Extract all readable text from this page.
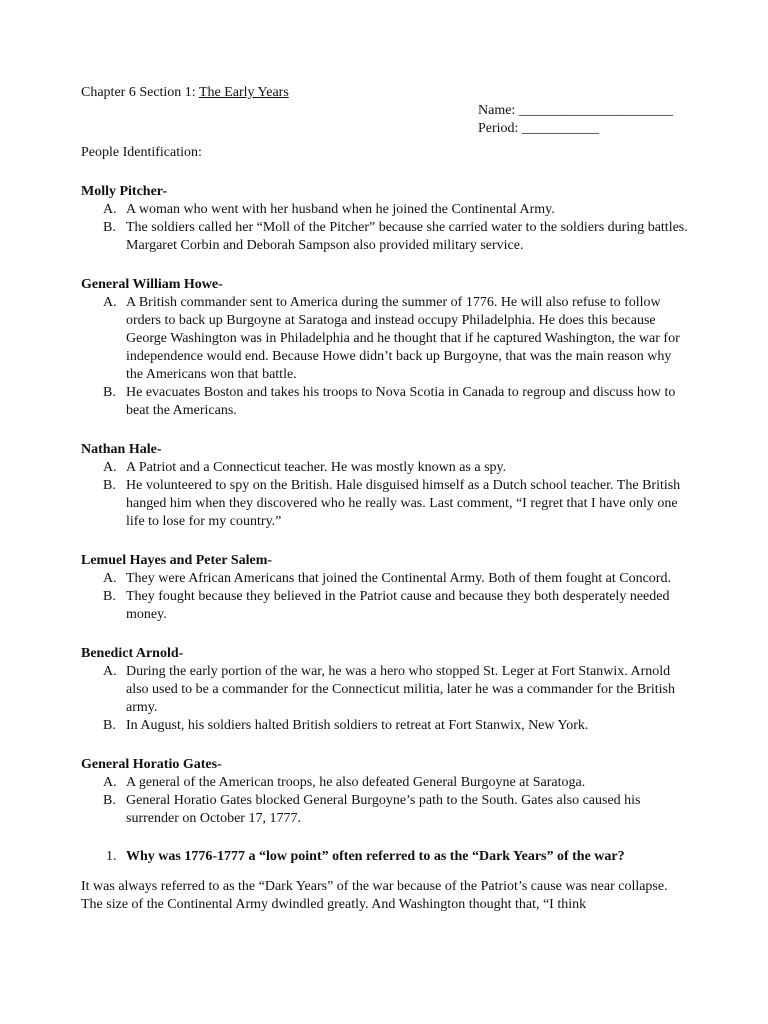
Chapter 6 Section 1: The Early Years
Name: ______________________
Period: ___________
People Identification:
Molly Pitcher-
A. A woman who went with her husband when he joined the Continental Army.
B. The soldiers called her “Moll of the Pitcher” because she carried water to the soldiers during battles. Margaret Corbin and Deborah Sampson also provided military service.
General William Howe-
A. A British commander sent to America during the summer of 1776. He will also refuse to follow orders to back up Burgoyne at Saratoga and instead occupy Philadelphia. He does this because George Washington was in Philadelphia and he thought that if he captured Washington, the war for independence would end. Because Howe didn’t back up Burgoyne, that was the main reason why the Americans won that battle.
B. He evacuates Boston and takes his troops to Nova Scotia in Canada to regroup and discuss how to beat the Americans.
Nathan Hale-
A. A Patriot and a Connecticut teacher. He was mostly known as a spy.
B. He volunteered to spy on the British. Hale disguised himself as a Dutch school teacher. The British hanged him when they discovered who he really was. Last comment, “I regret that I have only one life to lose for my country.”
Lemuel Hayes and Peter Salem-
A. They were African Americans that joined the Continental Army. Both of them fought at Concord.
B. They fought because they believed in the Patriot cause and because they both desperately needed money.
Benedict Arnold-
A. During the early portion of the war, he was a hero who stopped St. Leger at Fort Stanwix. Arnold also used to be a commander for the Connecticut militia, later he was a commander for the British army.
B. In August, his soldiers halted British soldiers to retreat at Fort Stanwix, New York.
General Horatio Gates-
A. A general of the American troops, he also defeated General Burgoyne at Saratoga.
B. General Horatio Gates blocked General Burgoyne’s path to the South. Gates also caused his surrender on October 17, 1777.
1. Why was 1776-1777 a “low point” often referred to as the “Dark Years” of the war?
It was always referred to as the “Dark Years” of the war because of the Patriot’s cause was near collapse. The size of the Continental Army dwindled greatly. And Washington thought that, “I think
